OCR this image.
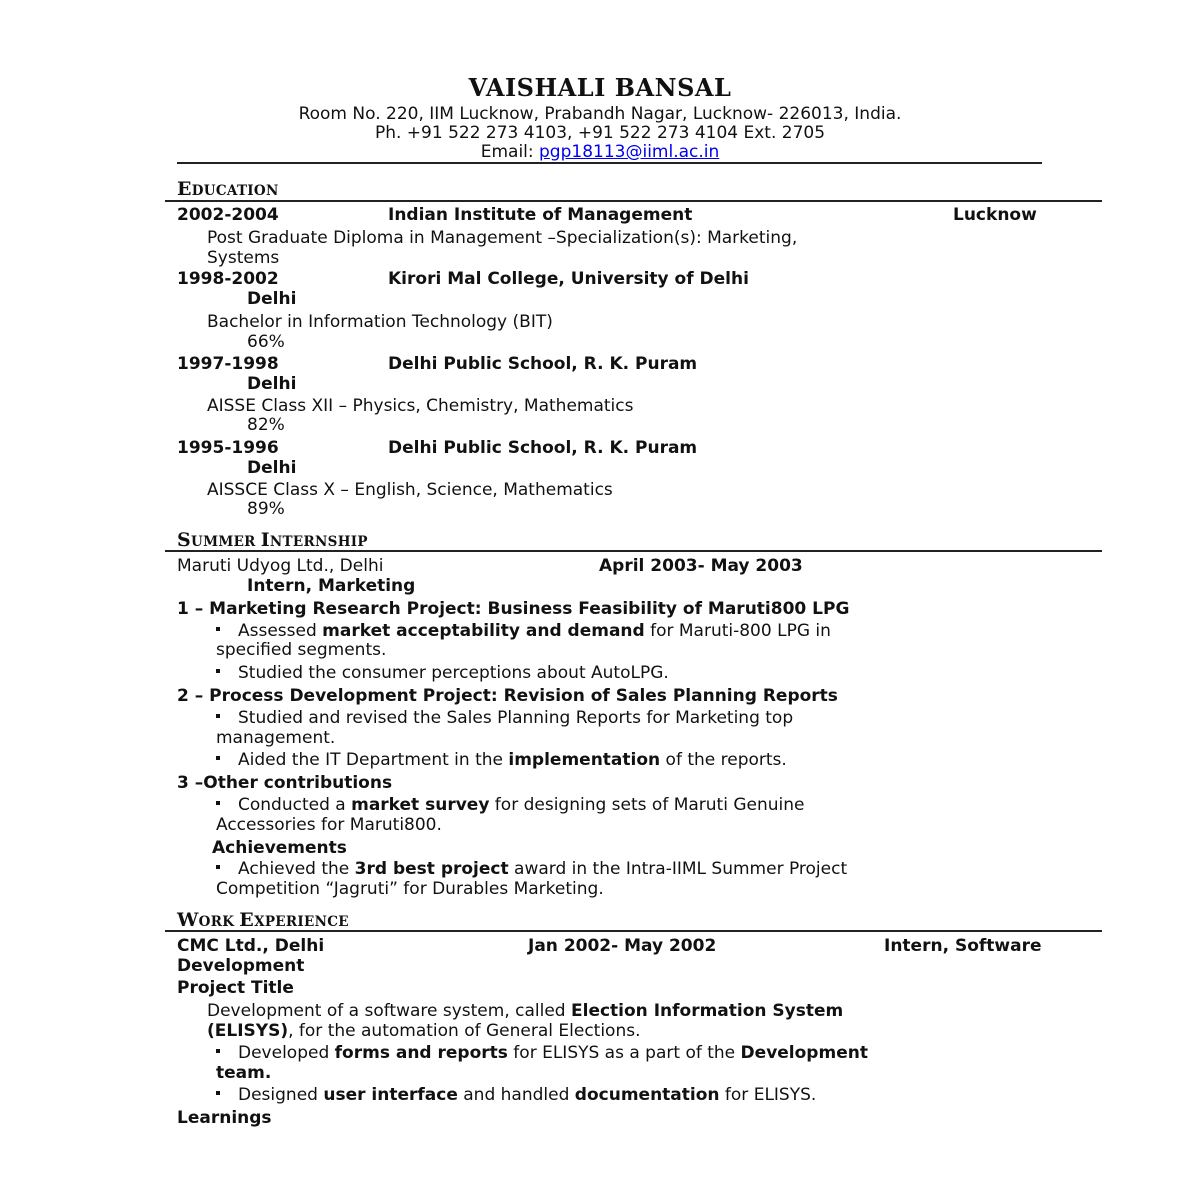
VAISHALI BANSAL
Room No. 220, IIM Lucknow, Prabandh Nagar, Lucknow- 226013, India.
Ph. +91 522 273 4103, +91 522 273 4104 Ext. 2705
Email: pgp18113@iiml.ac.in
EDUCATION
2002-2004	Indian Institute of Management	Lucknow
Post Graduate Diploma in Management –Specialization(s): Marketing,
Systems
1998-2002	Kirori Mal College, University of Delhi
Delhi
Bachelor in Information Technology (BIT)
66%
1997-1998	Delhi Public School, R. K. Puram
Delhi
AISSE Class XII – Physics, Chemistry, Mathematics
82%
1995-1996	Delhi Public School, R. K. Puram
Delhi
AISSCE Class X – English, Science, Mathematics
89%
SUMMER INTERNSHIP
Maruti Udyog Ltd., Delhi	April 2003- May 2003
Intern, Marketing
1 – Marketing Research Project: Business Feasibility of Maruti800 LPG
Assessed market acceptability and demand for Maruti-800 LPG in
specified segments.
Studied the consumer perceptions about AutoLPG.
2 – Process Development Project: Revision of Sales Planning Reports
Studied and revised the Sales Planning Reports for Marketing top
management.
Aided the IT Department in the implementation of the reports.
3 –Other contributions
Conducted a market survey for designing sets of Maruti Genuine
Accessories for Maruti800.
Achievements
Achieved the 3rd best project award in the Intra-IIML Summer Project
Competition “Jagruti” for Durables Marketing.
WORK EXPERIENCE
CMC Ltd., Delhi	Jan 2002- May 2002	Intern, Software
Development
Project Title
Development of a software system, called Election Information System
(ELISYS), for the automation of General Elections.
Developed forms and reports for ELISYS as a part of the Development
team.
Designed user interface and handled documentation for ELISYS.
Learnings
